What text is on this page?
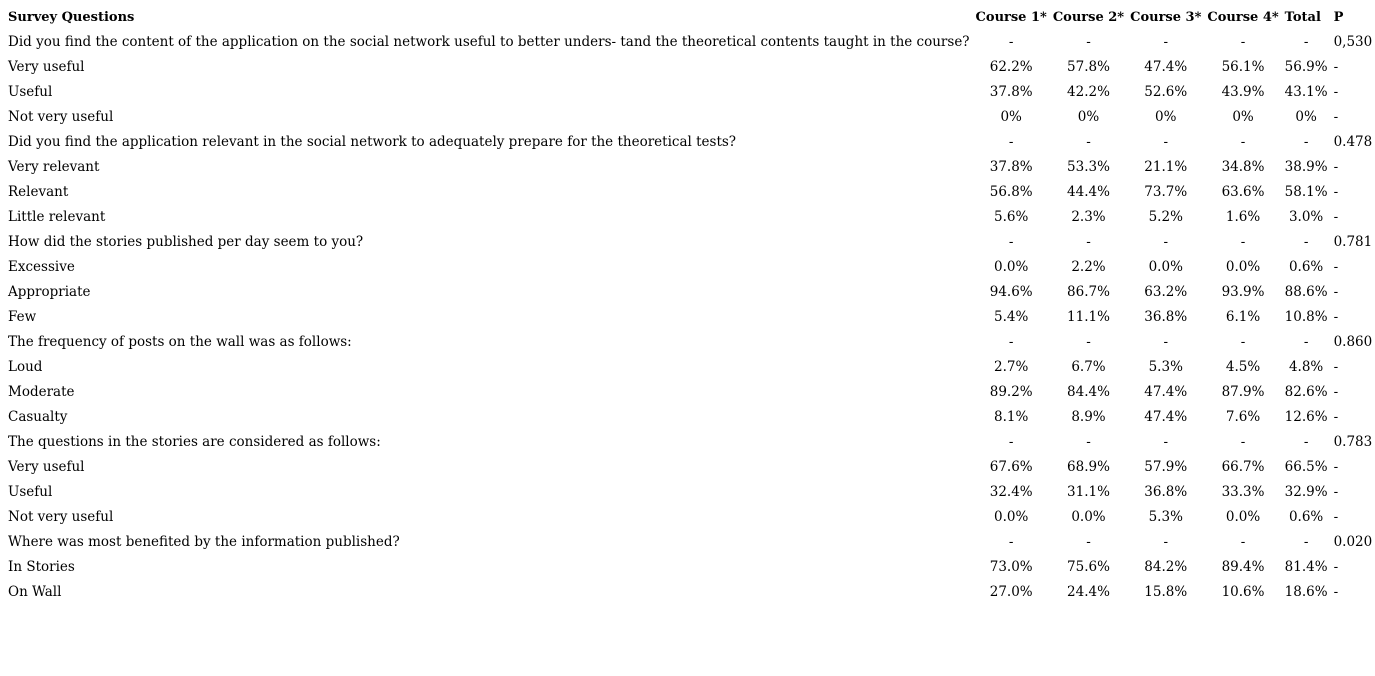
Survey Questions	Course 1*	Course 2*	Course 3*	Course 4*	Total	P
Did you find the content of the application on the social network useful to better unders- tand the theoretical contents taught in the course?	-	-	-	-	-	0,530
Very useful	62.2%	57.8%	47.4%	56.1%	56.9%	-
Useful	37.8%	42.2%	52.6%	43.9%	43.1%	-
Not very useful	0%	0%	0%	0%	0%	-
Did you find the application relevant in the social network to adequately prepare for the theoretical tests?	-	-	-	-	-	0.478
Very relevant	37.8%	53.3%	21.1%	34.8%	38.9%	-
Relevant	56.8%	44.4%	73.7%	63.6%	58.1%	-
Little relevant	5.6%	2.3%	5.2%	1.6%	3.0%	-
How did the stories published per day seem to you?	-	-	-	-	-	0.781
Excessive	0.0%	2.2%	0.0%	0.0%	0.6%	-
Appropriate	94.6%	86.7%	63.2%	93.9%	88.6%	-
Few	5.4%	11.1%	36.8%	6.1%	10.8%	-
The frequency of posts on the wall was as follows:	-	-	-	-	-	0.860
Loud	2.7%	6.7%	5.3%	4.5%	4.8%	-
Moderate	89.2%	84.4%	47.4%	87.9%	82.6%	-
Casualty	8.1%	8.9%	47.4%	7.6%	12.6%	-
The questions in the stories are considered as follows:	-	-	-	-	-	0.783
Very useful	67.6%	68.9%	57.9%	66.7%	66.5%	-
Useful	32.4%	31.1%	36.8%	33.3%	32.9%	-
Not very useful	0.0%	0.0%	5.3%	0.0%	0.6%	-
Where was most benefited by the information published?	-	-	-	-	-	0.020
In Stories	73.0%	75.6%	84.2%	89.4%	81.4%	-
On Wall	27.0%	24.4%	15.8%	10.6%	18.6%	-
